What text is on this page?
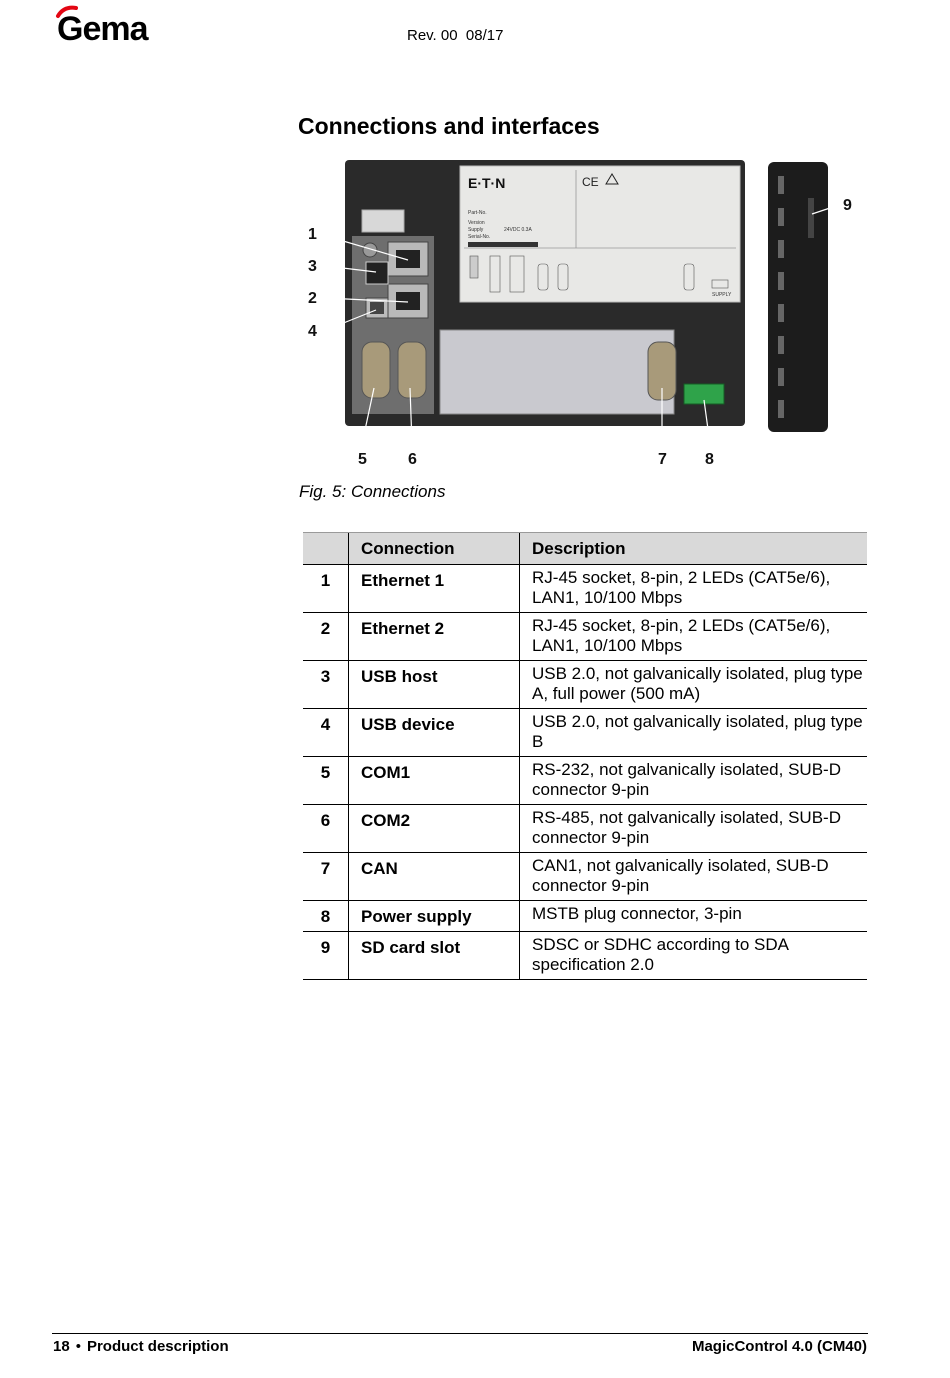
Gema	Rev. 00  08/17
Connections and interfaces
E·T·N
Part-No.
Version
Supply	24VDC 0.3A
Serial-No.
SUPPLY
CE
1
3
2
4
5	6	7 8
9
Fig. 5: Connections
	Connection	Description
1	Ethernet 1	RJ-45 socket, 8-pin, 2 LEDs (CAT5e/6), LAN1, 10/100 Mbps
2	Ethernet 2	RJ-45 socket, 8-pin, 2 LEDs (CAT5e/6), LAN1, 10/100 Mbps
3	USB host	USB 2.0, not galvanically isolated, plug type A, full power (500 mA)
4	USB device	USB 2.0, not galvanically isolated, plug type B
5	COM1	RS-232, not galvanically isolated, SUB-D connector 9-pin
6	COM2	RS-485, not galvanically isolated, SUB-D connector 9-pin
7	CAN	CAN1, not galvanically isolated, SUB-D connector 9-pin
8	Power supply	MSTB plug connector, 3-pin
9	SD card slot	SDSC or SDHC according to SDA specification 2.0
18 • Product description	MagicControl 4.0 (CM40)
